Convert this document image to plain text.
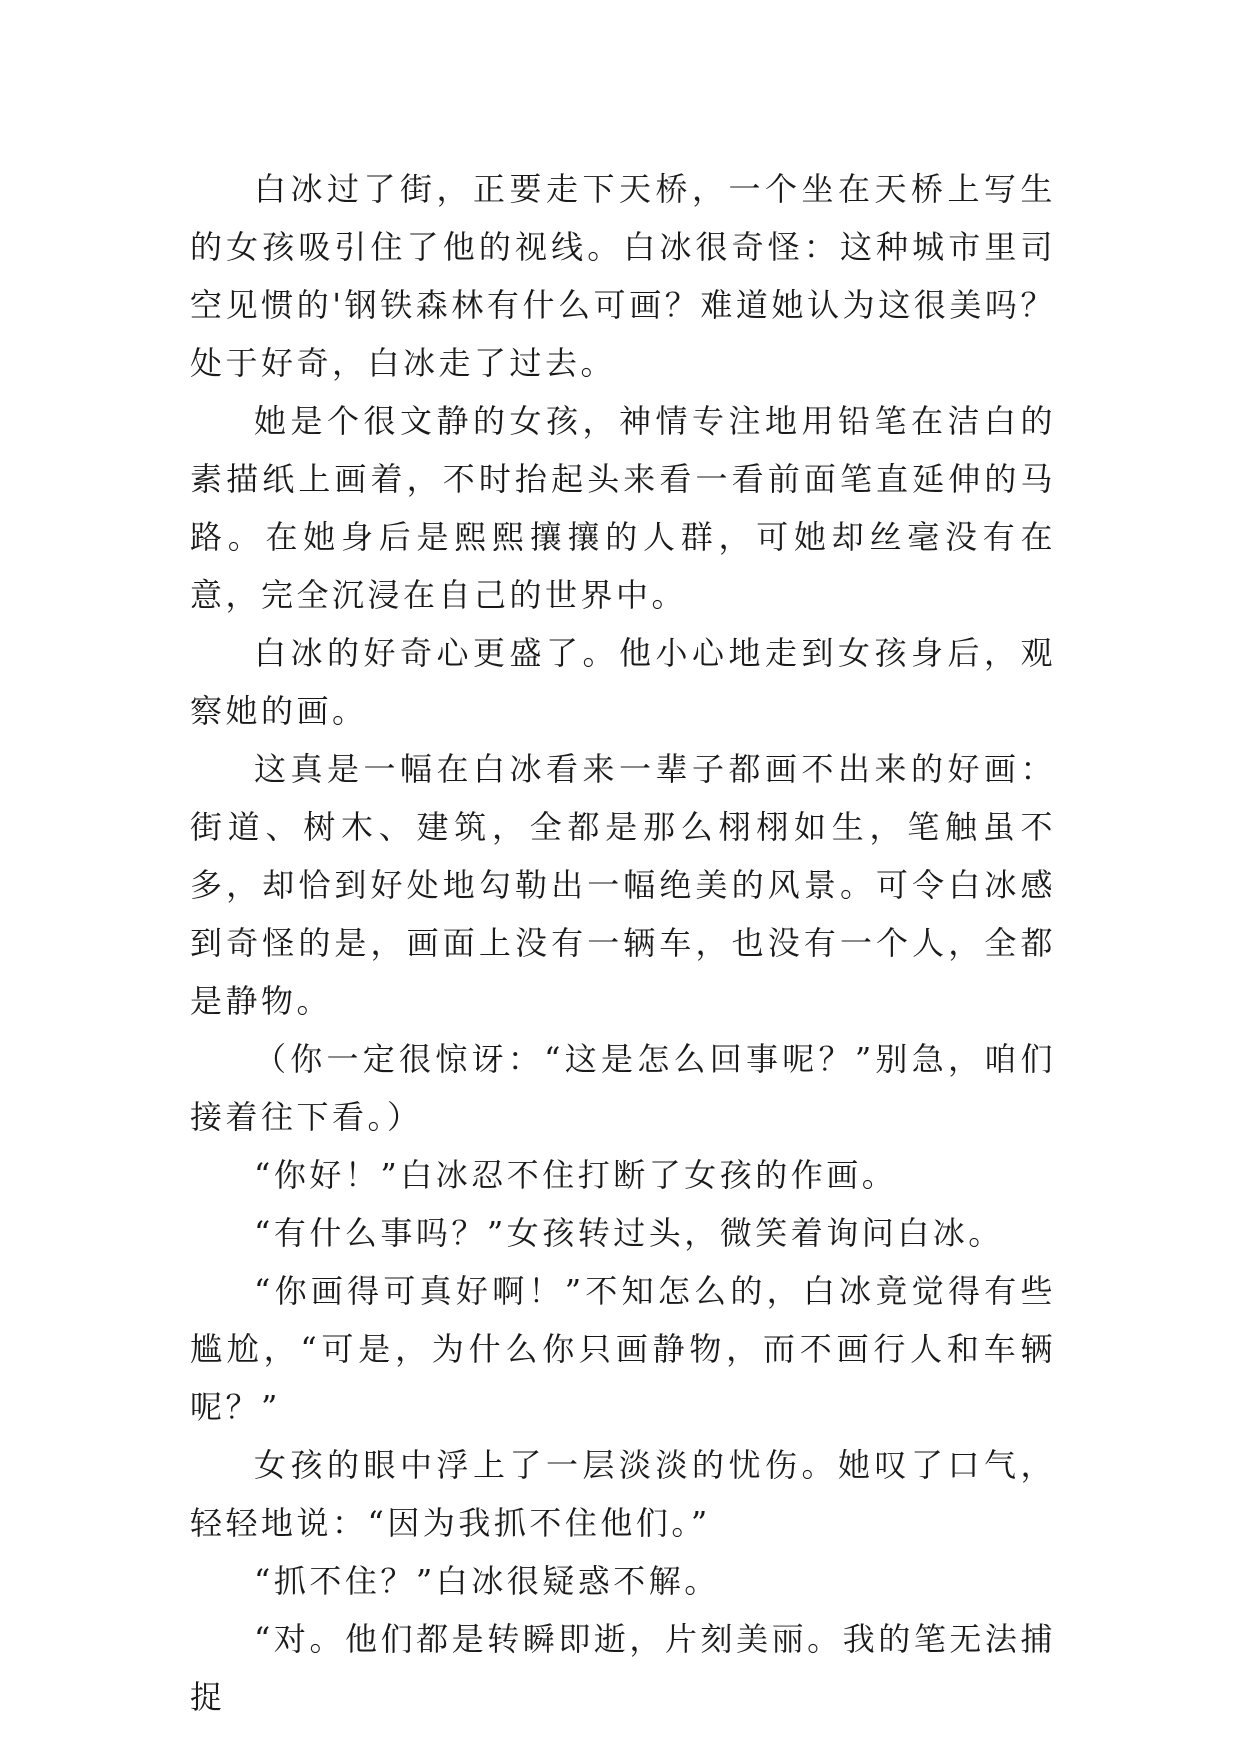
白冰过了街，正要走下天桥，一个坐在天桥上写生的女孩吸引住了他的视线。白冰很奇怪：这种城市里司空见惯的'钢铁森林有什么可画？难道她认为这很美吗？处于好奇，白冰走了过去。

她是个很文静的女孩，神情专注地用铅笔在洁白的素描纸上画着，不时抬起头来看一看前面笔直延伸的马路。在她身后是熙熙攘攘的人群，可她却丝毫没有在意，完全沉浸在自己的世界中。

白冰的好奇心更盛了。他小心地走到女孩身后，观察她的画。

这真是一幅在白冰看来一辈子都画不出来的好画：街道、树木、建筑，全都是那么栩栩如生，笔触虽不多，却恰到好处地勾勒出一幅绝美的风景。可令白冰感到奇怪的是，画面上没有一辆车，也没有一个人，全都是静物。

（你一定很惊讶：“这是怎么回事呢？”别急，咱们接着往下看。）

“你好！”白冰忍不住打断了女孩的作画。

“有什么事吗？”女孩转过头，微笑着询问白冰。

“你画得可真好啊！”不知怎么的，白冰竟觉得有些尴尬，“可是，为什么你只画静物，而不画行人和车辆呢？”

女孩的眼中浮上了一层淡淡的忧伤。她叹了口气，轻轻地说：“因为我抓不住他们。”

“抓不住？”白冰很疑惑不解。

“对。他们都是转瞬即逝，片刻美丽。我的笔无法捕捉
